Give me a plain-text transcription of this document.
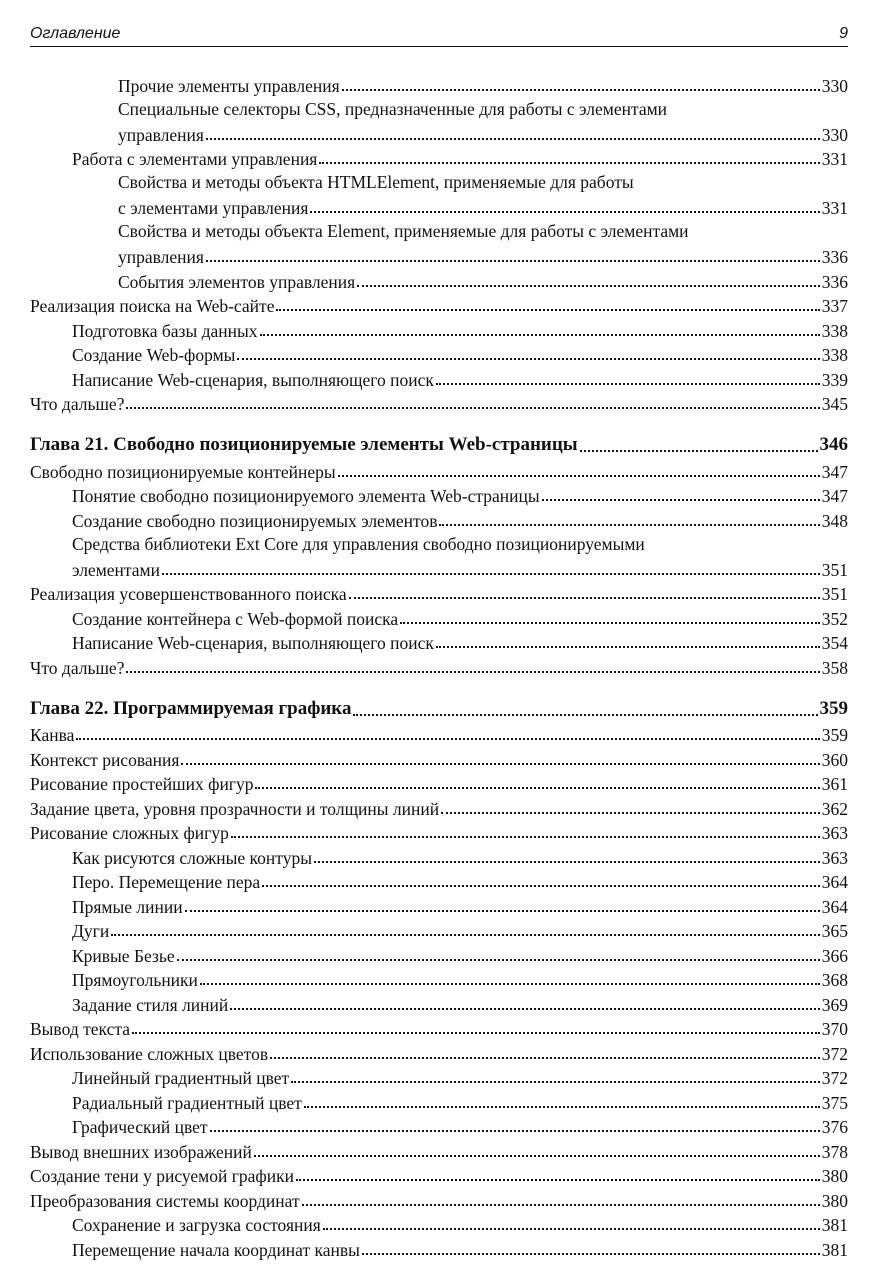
Оглавление	9
Прочие элементы управления	330
Специальные селекторы CSS, предназначенные для работы с элементами
управления	330
Работа с элементами управления	331
Свойства и методы объекта HTMLElement, применяемые для работы
с элементами управления	331
Свойства и методы объекта Element, применяемые для работы с элементами
управления	336
События элементов управления	336
Реализация поиска на Web-сайте	337
Подготовка базы данных	338
Создание Web-формы	338
Написание Web-сценария, выполняющего поиск	339
Что дальше?	345
Глава 21. Свободно позиционируемые элементы Web-страницы	346
Свободно позиционируемые контейнеры	347
Понятие свободно позиционируемого элемента Web-страницы	347
Создание свободно позиционируемых элементов	348
Средства библиотеки Ext Core для управления свободно позиционируемыми
элементами	351
Реализация усовершенствованного поиска	351
Создание контейнера с Web-формой поиска	352
Написание Web-сценария, выполняющего поиск	354
Что дальше?	358
Глава 22. Программируемая графика	359
Канва	359
Контекст рисования	360
Рисование простейших фигур	361
Задание цвета, уровня прозрачности и толщины линий	362
Рисование сложных фигур	363
Как рисуются сложные контуры	363
Перо. Перемещение пера	364
Прямые линии	364
Дуги	365
Кривые Безье	366
Прямоугольники	368
Задание стиля линий	369
Вывод текста	370
Использование сложных цветов	372
Линейный градиентный цвет	372
Радиальный градиентный цвет	375
Графический цвет	376
Вывод внешних изображений	378
Создание тени у рисуемой графики	380
Преобразования системы координат	380
Сохранение и загрузка состояния	381
Перемещение начала координат канвы	381
